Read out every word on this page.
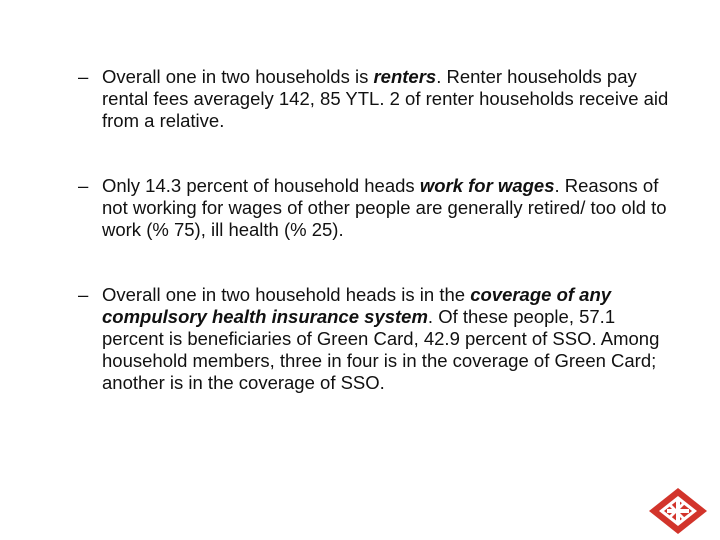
– Overall one in two households is renters. Renter households pay rental fees averagely 142, 85 YTL. 2 of renter households receive aid from a relative.

– Only 14.3 percent of household heads work for wages. Reasons of not working for wages of other people are generally retired/ too old to work (% 75), ill health (% 25).

– Overall one in two household heads is in the coverage of any compulsory health insurance system. Of these people, 57.1 percent is beneficiaries of Green Card, 42.9 percent of SSO. Among household members, three in four is in the coverage of Green Card; another is in the coverage of SSO.
